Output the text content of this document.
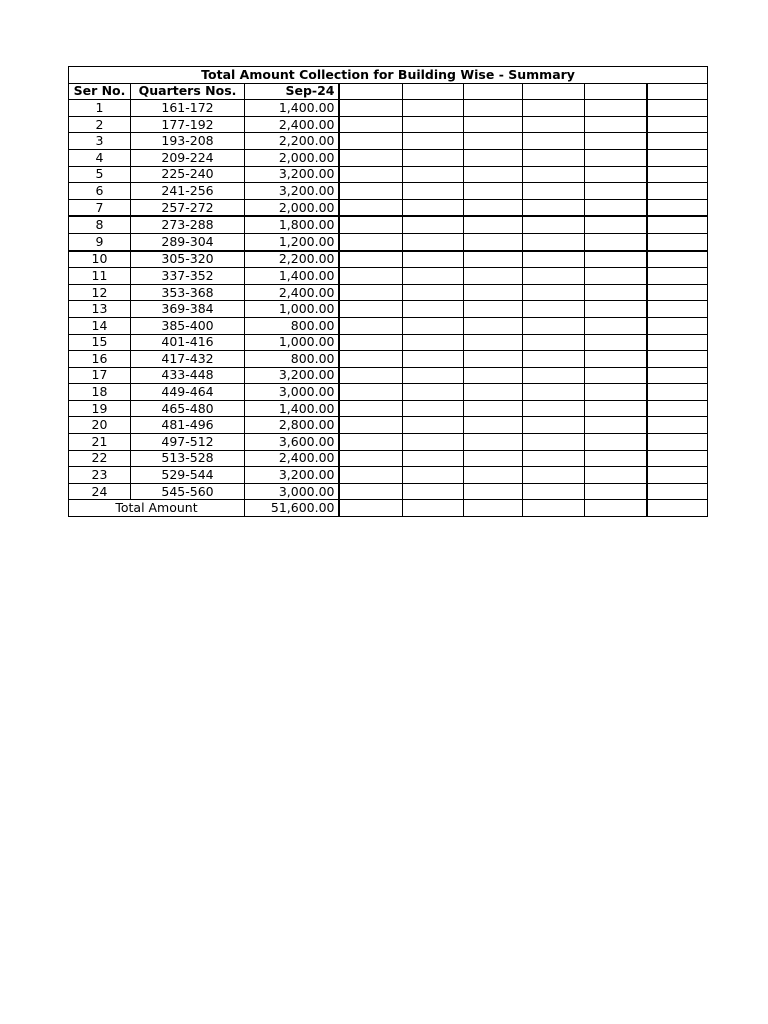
Total Amount Collection for Building Wise - Summary								
Ser No.	Quarters Nos.	Sep-24						
1	161-172	1,400.00						
2	177-192	2,400.00						
3	193-208	2,200.00						
4	209-224	2,000.00						
5	225-240	3,200.00						
6	241-256	3,200.00						
7	257-272	2,000.00						
8	273-288	1,800.00						
9	289-304	1,200.00						
10	305-320	2,200.00						
11	337-352	1,400.00						
12	353-368	2,400.00						
13	369-384	1,000.00						
14	385-400	800.00						
15	401-416	1,000.00						
16	417-432	800.00						
17	433-448	3,200.00						
18	449-464	3,000.00						
19	465-480	1,400.00						
20	481-496	2,800.00						
21	497-512	3,600.00						
22	513-528	2,400.00						
23	529-544	3,200.00						
24	545-560	3,000.00						
Total Amount		51,600.00						
